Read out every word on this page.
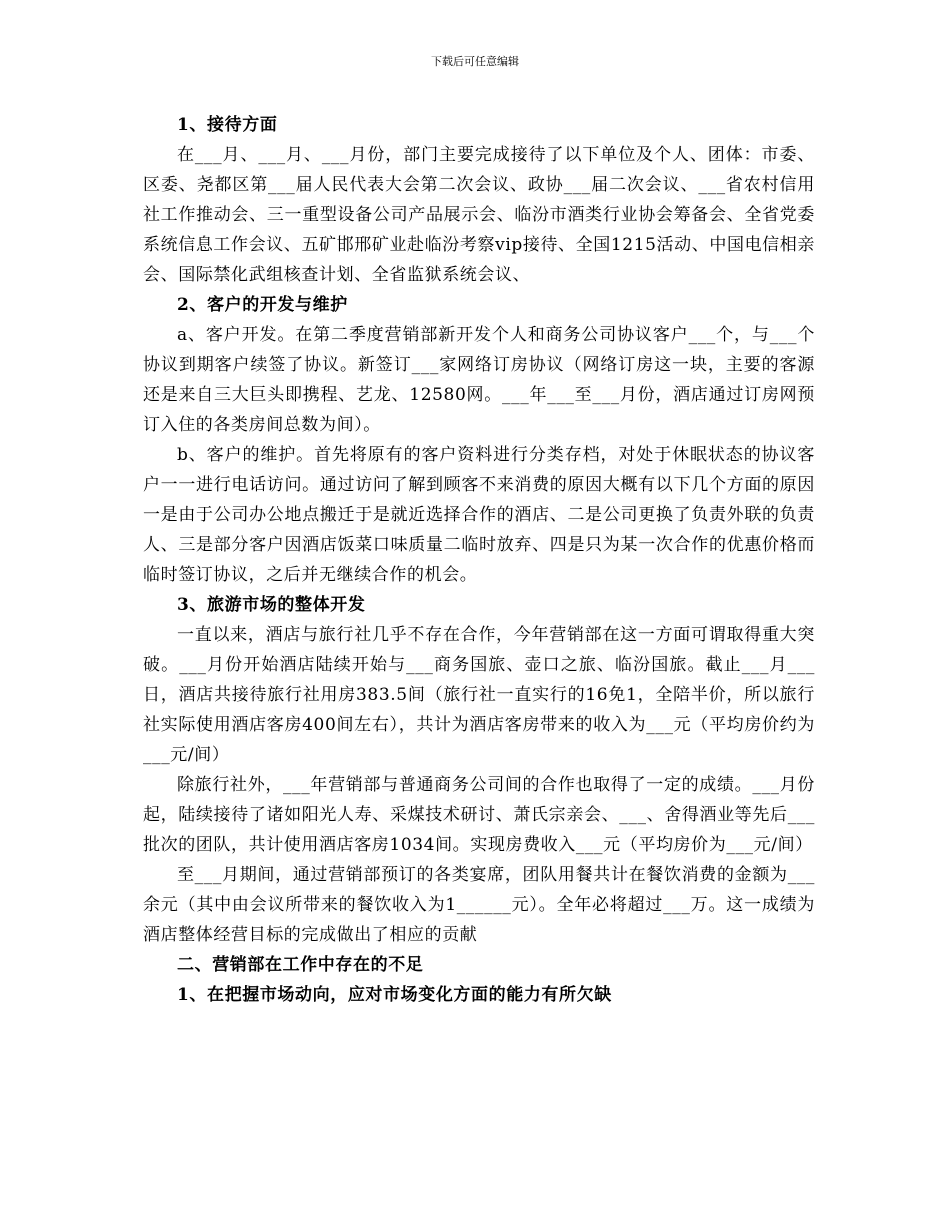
下载后可任意编辑

1、接待方面

在___月、___月、___月份，部门主要完成接待了以下单位及个人、团体：市委、区委、尧都区第___届人民代表大会第二次会议、政协___届二次会议、___省农村信用社工作推动会、三一重型设备公司产品展示会、临汾市酒类行业协会筹备会、全省党委系统信息工作会议、五矿邯邢矿业赴临汾考察vip接待、全国1215活动、中国电信相亲会、国际禁化武组核查计划、全省监狱系统会议、

2、客户的开发与维护

a、客户开发。在第二季度营销部新开发个人和商务公司协议客户___个，与___个协议到期客户续签了协议。新签订___家网络订房协议（网络订房这一块，主要的客源还是来自三大巨头即携程、艺龙、12580网。___年___至___月份，酒店通过订房网预订入住的各类房间总数为间）。

b、客户的维护。首先将原有的客户资料进行分类存档，对处于休眠状态的协议客户一一进行电话访问。通过访问了解到顾客不来消费的原因大概有以下几个方面的原因一是由于公司办公地点搬迁于是就近选择合作的酒店、二是公司更换了负责外联的负责人、三是部分客户因酒店饭菜口味质量二临时放弃、四是只为某一次合作的优惠价格而临时签订协议，之后并无继续合作的机会。

3、旅游市场的整体开发

一直以来，酒店与旅行社几乎不存在合作，今年营销部在这一方面可谓取得重大突破。___月份开始酒店陆续开始与___商务国旅、壶口之旅、临汾国旅。截止___月___日，酒店共接待旅行社用房383.5间（旅行社一直实行的16免1，全陪半价，所以旅行社实际使用酒店客房400间左右），共计为酒店客房带来的收入为___元（平均房价约为___元/间）

除旅行社外，___年营销部与普通商务公司间的合作也取得了一定的成绩。___月份起，陆续接待了诸如阳光人寿、采煤技术研讨、萧氏宗亲会、___、舍得酒业等先后___批次的团队，共计使用酒店客房1034间。实现房费收入___元（平均房价为___元/间）

至___月期间，通过营销部预订的各类宴席，团队用餐共计在餐饮消费的金额为___余元（其中由会议所带来的餐饮收入为1______元）。全年必将超过___万。这一成绩为酒店整体经营目标的完成做出了相应的贡献

二、营销部在工作中存在的不足

1、在把握市场动向，应对市场变化方面的能力有所欠缺
